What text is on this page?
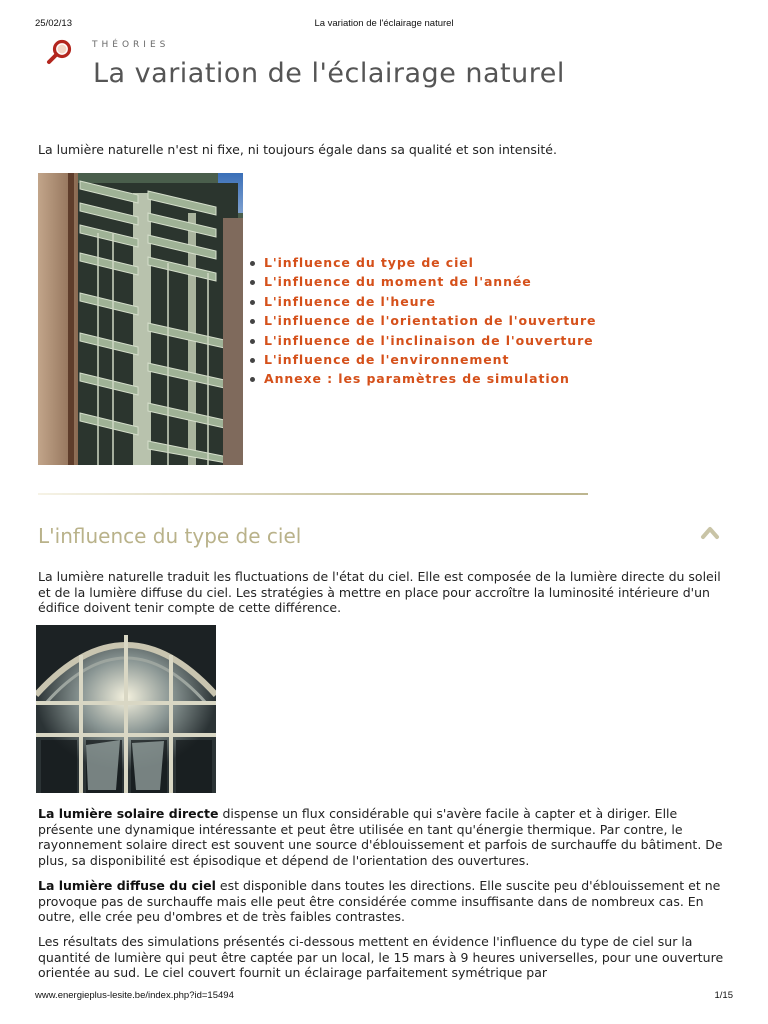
25/02/13	La variation de l'éclairage naturel
THÉORIES
La variation de l'éclairage naturel

La lumière naturelle n'est ni fixe, ni toujours égale dans sa qualité et son intensité.

L'influence du type de ciel
L'influence du moment de l'année
L'influence de l'heure
L'influence de l'orientation de l'ouverture
L'influence de l'inclinaison de l'ouverture
L'influence de l'environnement
Annexe : les paramètres de simulation
L'influence du type de ciel

La lumière naturelle traduit les fluctuations de l'état du ciel. Elle est composée de la lumière directe du soleil et de la lumière diffuse du ciel. Les stratégies à mettre en place pour accroître la luminosité intérieure d'un édifice doivent tenir compte de cette différence.

La lumière solaire directe dispense un flux considérable qui s'avère facile à capter et à diriger. Elle présente une dynamique intéressante et peut être utilisée en tant qu'énergie thermique. Par contre, le rayonnement solaire direct est souvent une source d'éblouissement et parfois de surchauffe du bâtiment. De plus, sa disponibilité est épisodique et dépend de l'orientation des ouvertures.

La lumière diffuse du ciel est disponible dans toutes les directions. Elle suscite peu d'éblouissement et ne provoque pas de surchauffe mais elle peut être considérée comme insuffisante dans de nombreux cas. En outre, elle crée peu d'ombres et de très faibles contrastes.

Les résultats des simulations présentés ci-dessous mettent en évidence l'influence du type de ciel sur la quantité de lumière qui peut être captée par un local, le 15 mars à 9 heures universelles, pour une ouverture orientée au sud. Le ciel couvert fournit un éclairage parfaitement symétrique par

www.energieplus-lesite.be/index.php?id=15494	1/15
